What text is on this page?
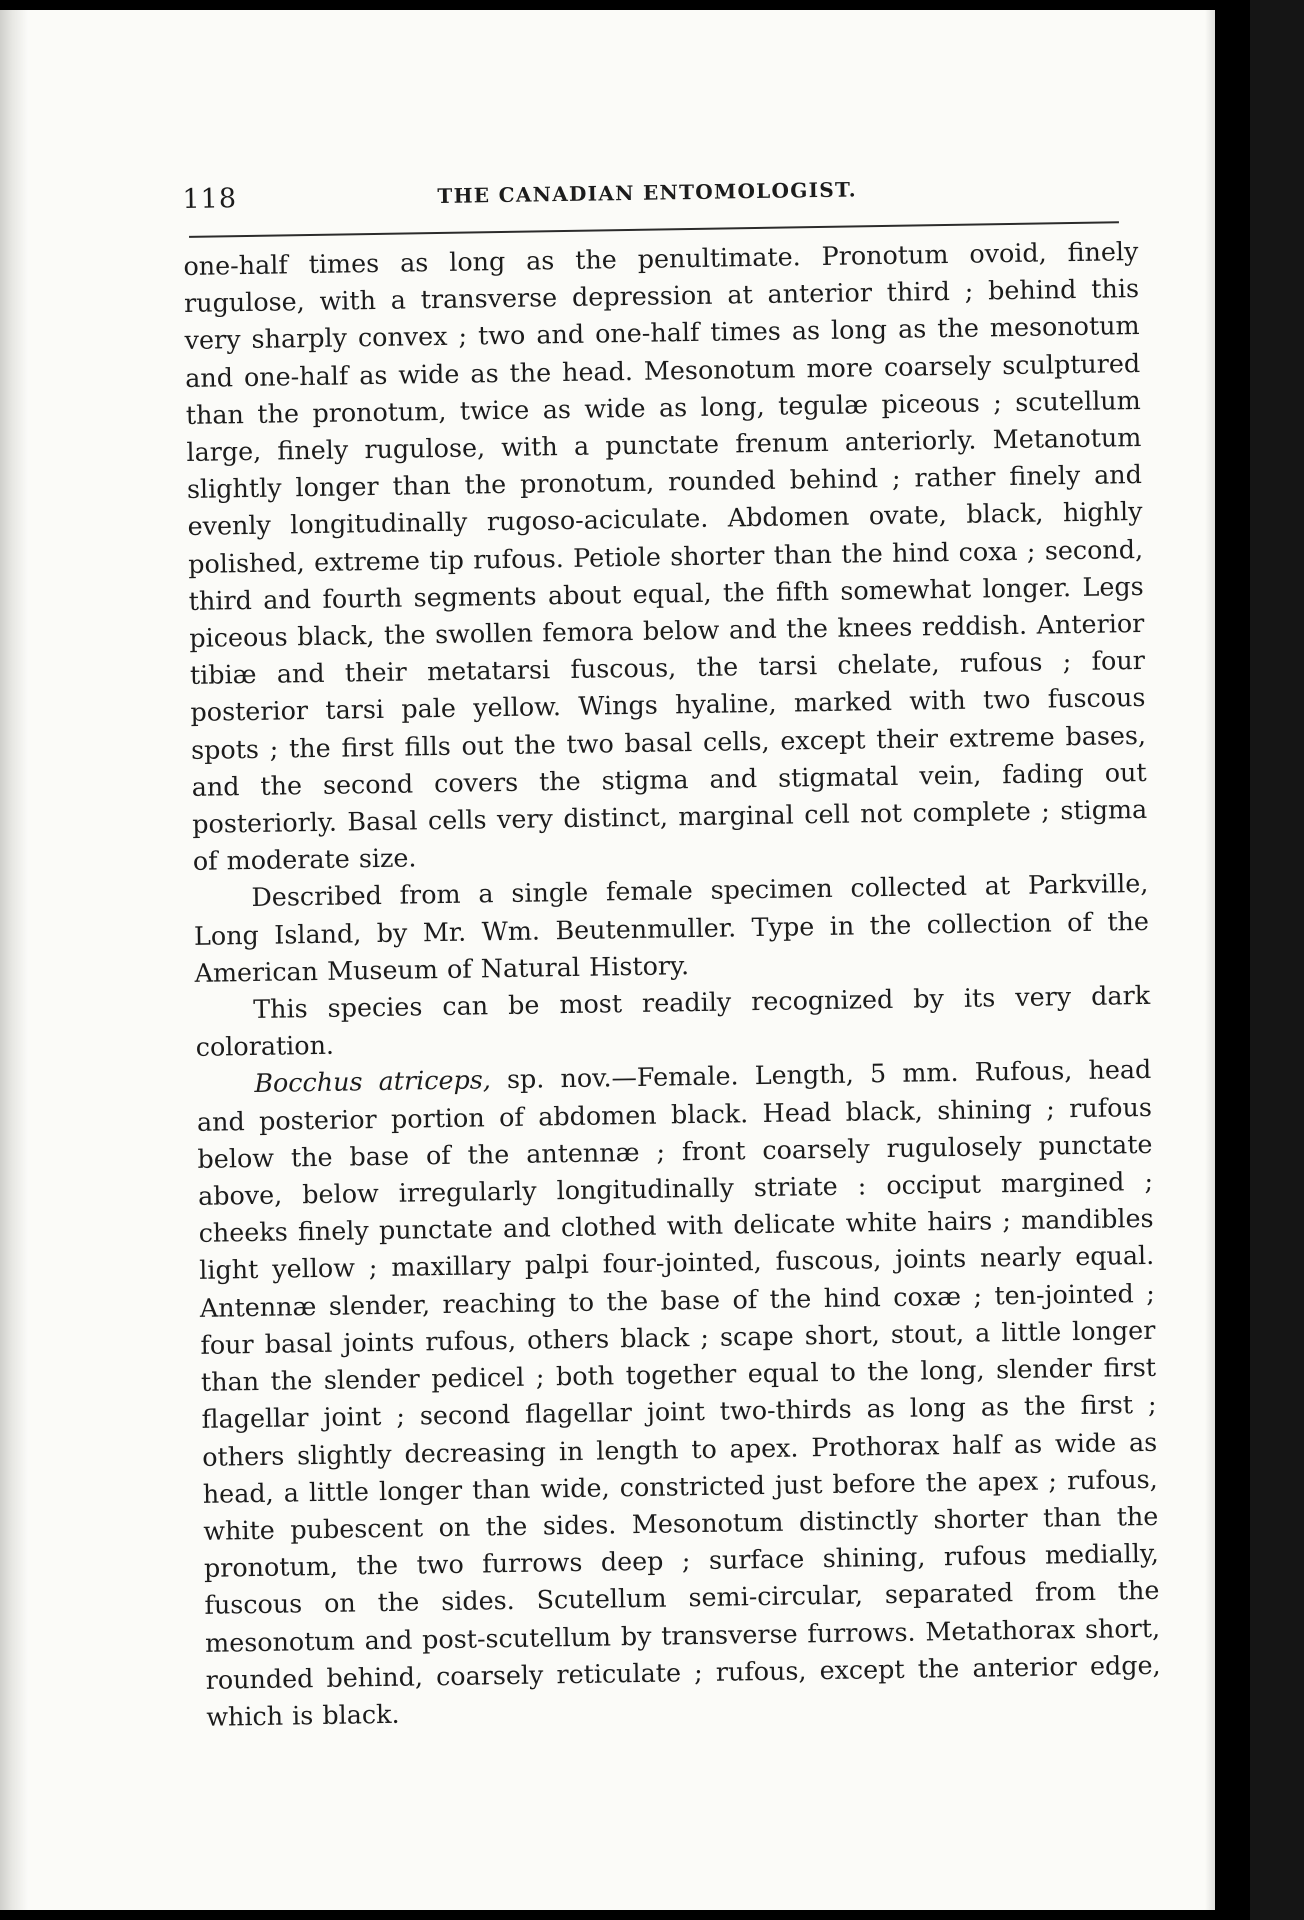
118	THE CANADIAN ENTOMOLOGIST.

one-half times as long as the penultimate. Pronotum ovoid, finely rugulose, with a transverse depression at anterior third ; behind this very sharply convex ; two and one-half times as long as the mesonotum and one-half as wide as the head. Mesonotum more coarsely sculptured than the pronotum, twice as wide as long, tegulæ piceous ; scutellum large, finely rugulose, with a punctate frenum anteriorly. Metanotum slightly longer than the pronotum, rounded behind ; rather finely and evenly longitudinally rugoso-aciculate. Abdomen ovate, black, highly polished, extreme tip rufous. Petiole shorter than the hind coxa ; second, third and fourth segments about equal, the fifth somewhat longer. Legs piceous black, the swollen femora below and the knees reddish. Anterior tibiæ and their metatarsi fuscous, the tarsi chelate, rufous ; four posterior tarsi pale yellow. Wings hyaline, marked with two fuscous spots ; the first fills out the two basal cells, except their extreme bases, and the second covers the stigma and stigmatal vein, fading out posteriorly. Basal cells very distinct, marginal cell not complete ; stigma of moderate size.

Described from a single female specimen collected at Parkville, Long Island, by Mr. Wm. Beutenmuller. Type in the collection of the American Museum of Natural History.

This species can be most readily recognized by its very dark coloration.

Bocchus atriceps, sp. nov.—Female. Length, 5 mm. Rufous, head and posterior portion of abdomen black. Head black, shining ; rufous below the base of the antennæ ; front coarsely rugulosely punctate above, below irregularly longitudinally striate : occiput margined ; cheeks finely punctate and clothed with delicate white hairs ; mandibles light yellow ; maxillary palpi four-jointed, fuscous, joints nearly equal. Antennæ slender, reaching to the base of the hind coxæ ; ten-jointed ; four basal joints rufous, others black ; scape short, stout, a little longer than the slender pedicel ; both together equal to the long, slender first flagellar joint ; second flagellar joint two-thirds as long as the first ; others slightly decreasing in length to apex. Prothorax half as wide as head, a little longer than wide, constricted just before the apex ; rufous, white pubescent on the sides. Mesonotum distinctly shorter than the pronotum, the two furrows deep ; surface shining, rufous medially, fuscous on the sides. Scutellum semi-circular, separated from the mesonotum and post-scutellum by transverse furrows. Metathorax short, rounded behind, coarsely reticulate ; rufous, except the anterior edge, which is black.
